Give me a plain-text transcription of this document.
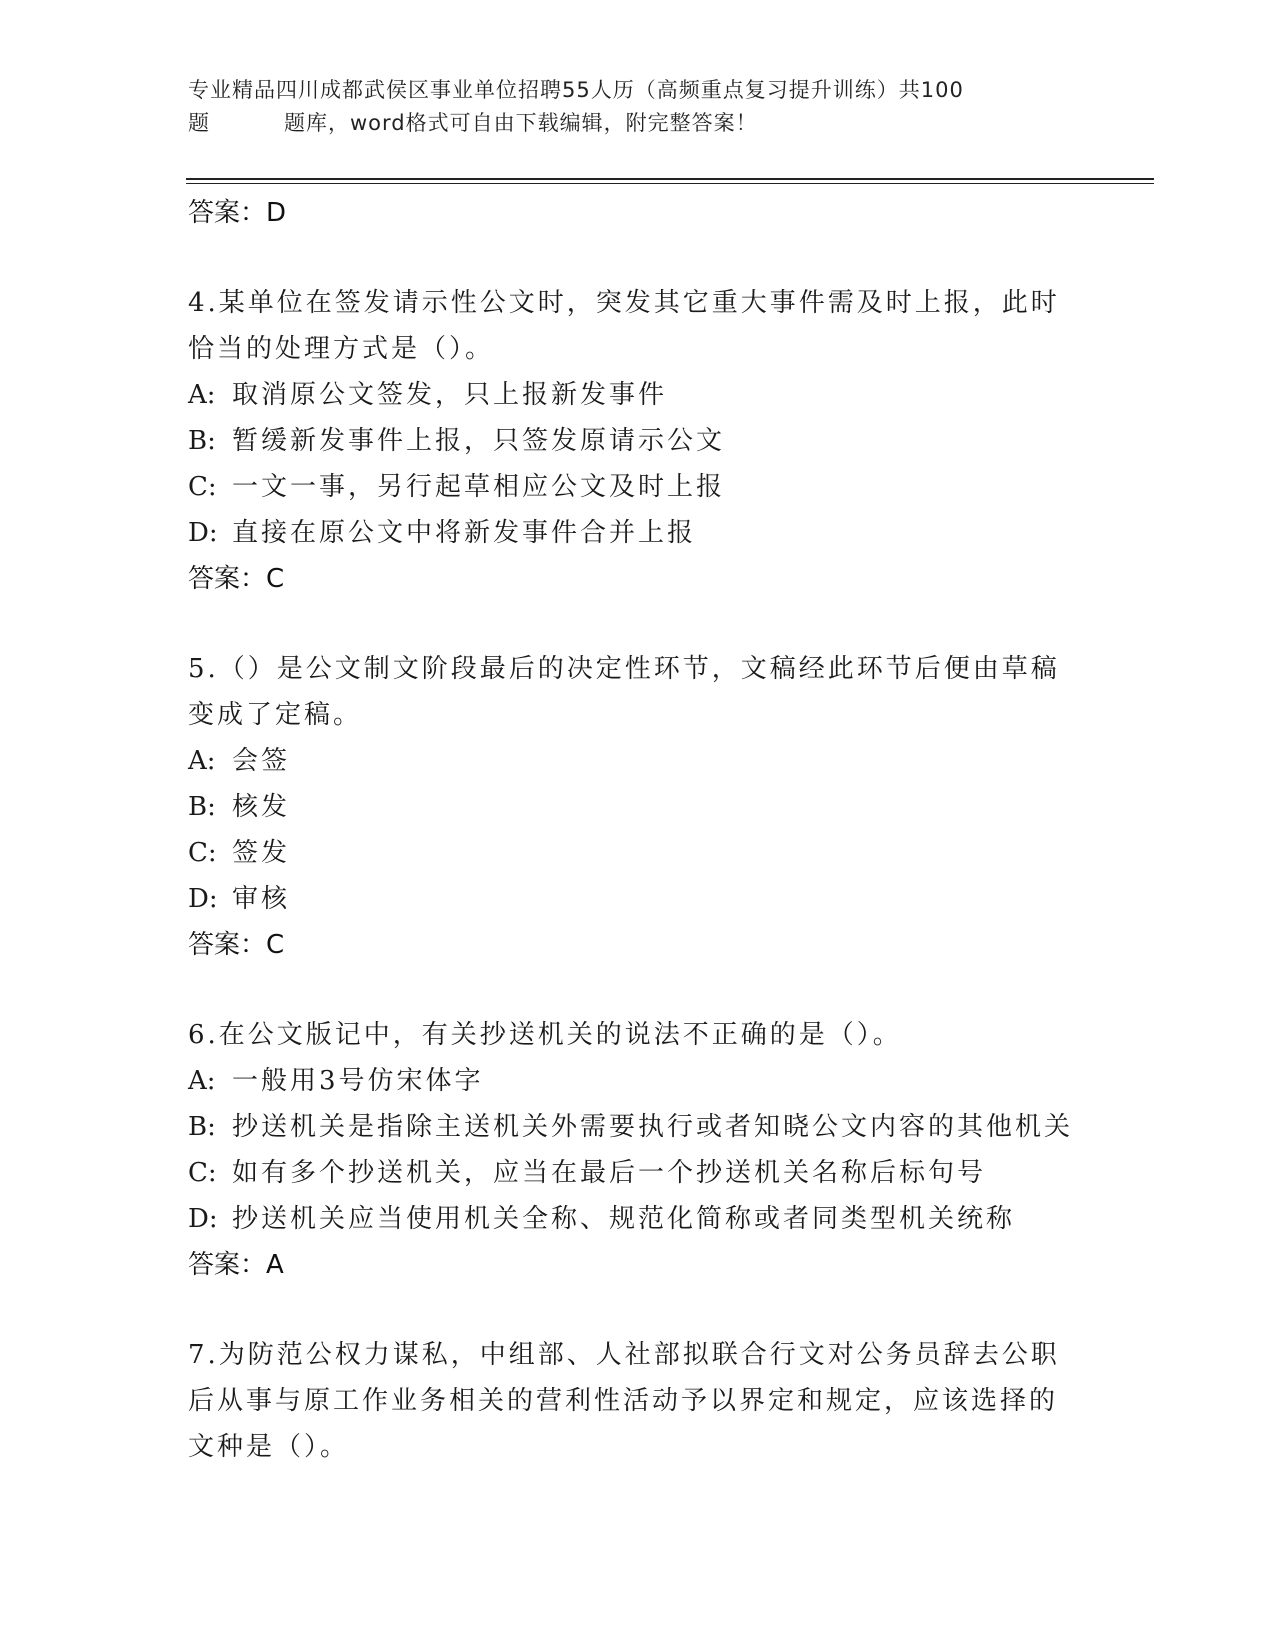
专业精品四川成都武侯区事业单位招聘55人历（高频重点复习提升训练）共100
题	题库，word格式可自由下载编辑，附完整答案！
答案：D
4.某单位在签发请示性公文时，突发其它重大事件需及时上报，此时
恰当的处理方式是（）。
A: 取消原公文签发，只上报新发事件
B: 暂缓新发事件上报，只签发原请示公文
C: 一文一事，另行起草相应公文及时上报
D: 直接在原公文中将新发事件合并上报
答案：C
5.（）是公文制文阶段最后的决定性环节，文稿经此环节后便由草稿
变成了定稿。
A: 会签
B: 核发
C: 签发
D: 审核
答案：C
6.在公文版记中，有关抄送机关的说法不正确的是（）。
A: 一般用3号仿宋体字
B: 抄送机关是指除主送机关外需要执行或者知晓公文内容的其他机关
C: 如有多个抄送机关，应当在最后一个抄送机关名称后标句号
D: 抄送机关应当使用机关全称、规范化简称或者同类型机关统称
答案：A
7.为防范公权力谋私，中组部、人社部拟联合行文对公务员辞去公职
后从事与原工作业务相关的营利性活动予以界定和规定，应该选择的
文种是（）。
